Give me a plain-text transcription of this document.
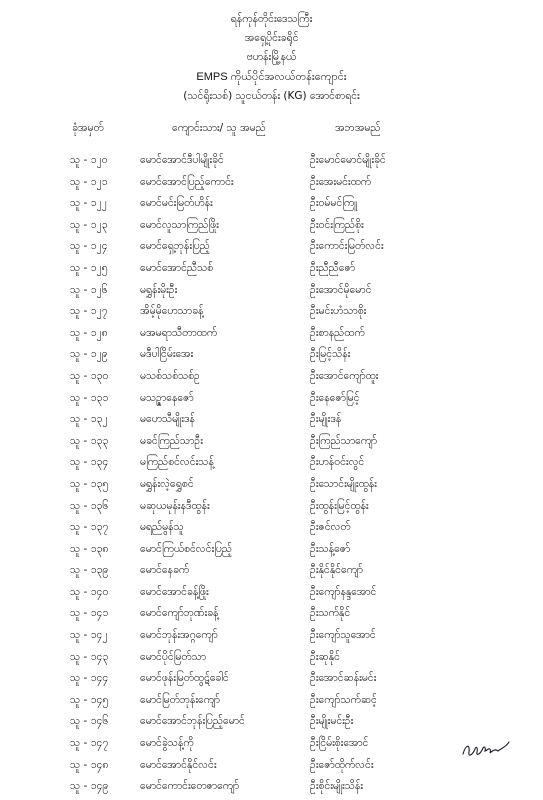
ရန်ကုန်တိုင်းဒေသကြီး
အရှေ့ပိုင်းခရိုင်
ဗဟန်းမြို့နယ်
EMPS ကိုယ်ပိုင်အလယ်တန်းကျောင်း
(သင်ရိုးသစ်) သူငယ်တန်း (KG) အောင်စာရင်း
ခုံအမှတ်	ကျောင်းသား/ သူ အမည်	အဘအမည်
သူ - ၁၂၀	မောင်အောင်ဒီပါမျိုးခိုင်	ဦးမောင်မောင်မျိုးခိုင်
သူ - ၁၂၁	မောင်အောင်ပြည့်ကောင်း	ဦးအေးမင်းထက်
သူ - ၁၂၂	မောင်မင်းမြတ်ဟိန်း	ဦးဝမ်မင်ကြူ
သူ - ၁၂၃	မောင်လူသာကြည်ဖြိုး	ဦးဝင်းကြည်စိုး
သူ - ၁၂၄	မောင်ရှေ့ဘုန်းပြည့်	ဦးကောင်းမြတ်လင်း
သူ - ၁၂၅	မောင်အောင်ညီသစ်	ဦးညီညီဇော်
သူ - ၁၂၆	မရွှန်းမိုးဦး	ဦးအောင်မိုမောင်
သူ - ၁၂၇	အိမ့်မိုဟေသာခန့်	ဦးမင်းဟံသာစိုး
သူ - ၁၂၈	မအမရာသီတာထက်	ဦးစာနည်ထက်
သူ - ၁၂၉	မဒီပါငြိမ်းအေး	ဦးမြင့်သိန်း
သူ - ၁၃၀	မသစ်သစ်သစ်ဥ	ဦးအောင်ကျော်ထူး
သူ - ၁၃၁	မသဉ္ဇာနေဇော်	ဦးနေဇော်မြင့်
သူ - ၁၃၂	မဟေသီမျိုးဒန်	ဦးမျိုးဒန်
သူ - ၁၃၃	မခင်ကြည်သာဦး	ဦးကြည်သာကျော်
သူ - ၁၃၄	မကြည်စင်လင်းသန့်	ဦးဟန်ဝင်းလွင်
သူ - ၁၃၅	မရွှန်းလဲ့ရွှေစင်	ဦးသောင်းမျိုးထွန်း
သူ - ၁၃၆	မဆုယမုန်းနဒီထွန်း	ဦးထွန်းမြင့်ထွန်း
သူ - ၁၃၇	မရည်မွန်သူ	ဦးဇင်လတ်
သူ - ၁၃၈	မောင်ကြယ်စင်လင်းပြည့်	ဦးသန့်ဇော်
သူ - ၁၃၉	မောင်နေခက်	ဦးနိုင်နိုင်ကျော်
သူ - ၁၄၀	မောင်အောင်ခန့်ဖြိုး	ဦးကျော်နန္ဒအောင်
သူ - ၁၄၁	မောင်ကျော်ဘုဏ်းခန့်	ဦးသက်နိုင်
သူ - ၁၄၂	မောင်ဘုန်းအဂ္ဂကျော်	ဦးကျော်သူအောင်
သူ - ၁၄၃	မောင်ပိုင်မြတ်သာ	ဦးဆုနိုင်
သူ - ၁၄၄	မောင်ဖုန်းမြတ်ထွဋ်ခေါင်	ဦးအောင်ဆန်းမင်း
သူ - ၁၄၅	မောင်မြတ်ဘုန်းကျော်	ဦးကျော်သက်ဆင့်
သူ - ၁၄၆	မောင်အောင်ဘုန်းပြည့်မောင်	ဦးမျိုးမင်းဦး
သူ - ၁၄၇	မောင်ခွဲသန့်ကို	ဦးငြိမ်းစိုးအောင်
သူ - ၁၄၈	မောင်အောင်နိုင်လင်း	ဦးဇော်ထိုက်လင်း
သူ - ၁၄၉	မောင်ကောင်းတေဇာကျော်	ဦးစိုင်းမျိုးသိန်း
